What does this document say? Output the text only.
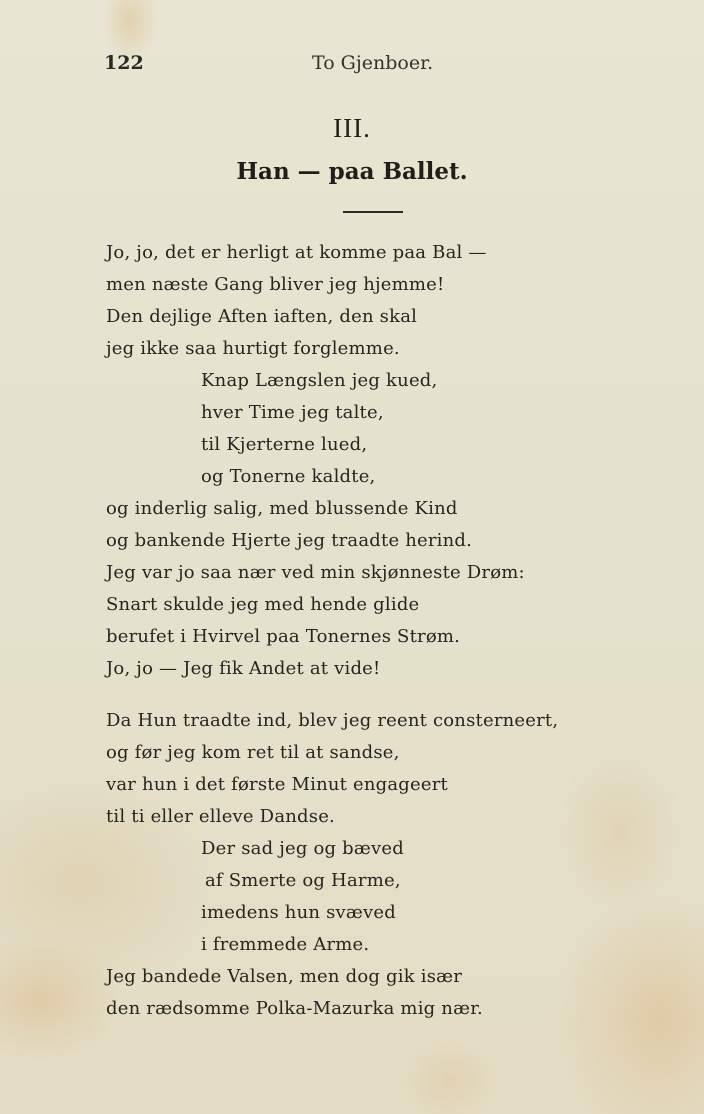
122	To Gjenboer.
III.
Han — paa Ballet.
Jo, jo, det er herligt at komme paa Bal —
men næste Gang bliver jeg hjemme!
Den dejlige Aften iaften, den skal
jeg ikke saa hurtigt forglemme.
Knap Længslen jeg kued,
hver Time jeg talte,
til Kjerterne lued,
og Tonerne kaldte,
og inderlig salig, med blussende Kind
og bankende Hjerte jeg traadte herind.
Jeg var jo saa nær ved min skjønneste Drøm:
Snart skulde jeg med hende glide
berufet i Hvirvel paa Tonernes Strøm.
Jo, jo — Jeg fik Andet at vide!
Da Hun traadte ind, blev jeg reent consterneert,
og før jeg kom ret til at sandse,
var hun i det første Minut engageert
til ti eller elleve Dandse.
Der sad jeg og bæved
af Smerte og Harme,
imedens hun svæved
i fremmede Arme.
Jeg bandede Valsen, men dog gik især
den rædsomme Polka-Mazurka mig nær.
